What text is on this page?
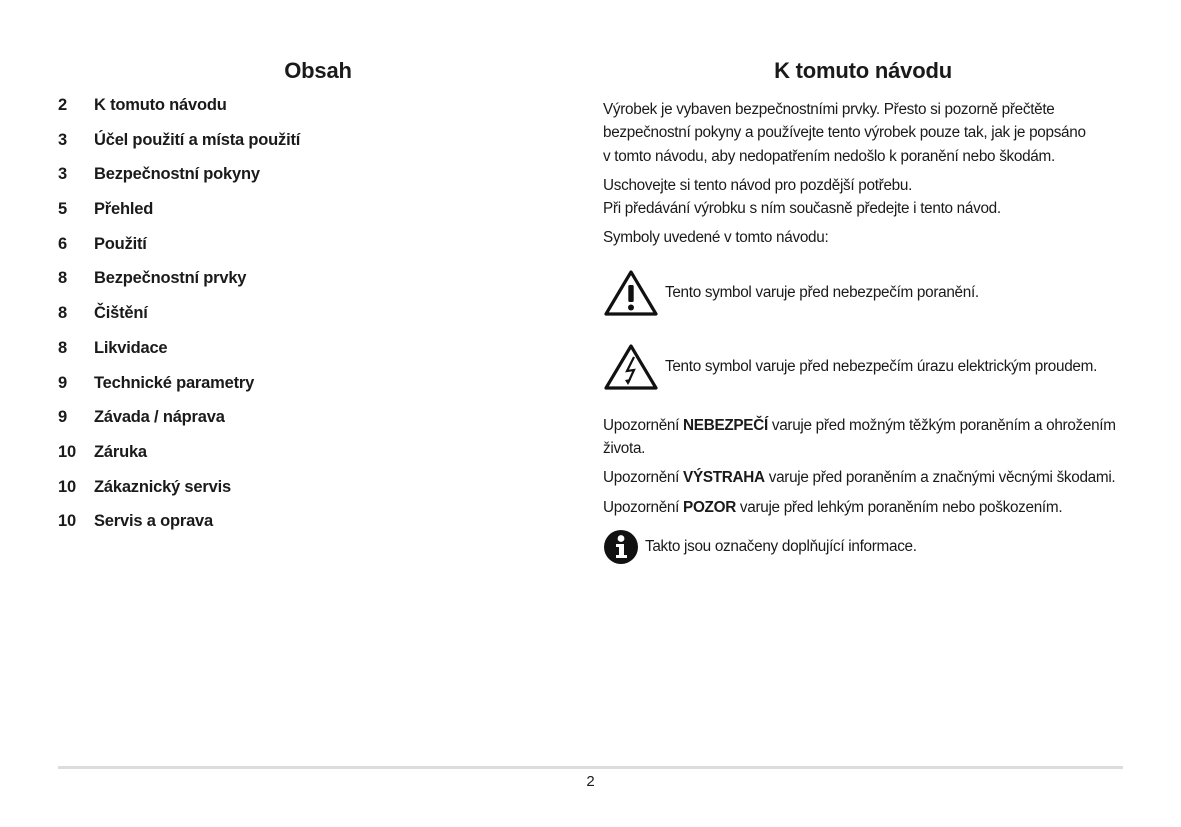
Obsah
2	K tomuto návodu
3	Účel použití a místa použití
3	Bezpečnostní pokyny
5	Přehled
6	Použití
8	Bezpečnostní prvky
8	Čištění
8	Likvidace
9	Technické parametry
9	Závada / náprava
10	Záruka
10	Zákaznický servis
10	Servis a oprava
K tomuto návodu

Výrobek je vybaven bezpečnostními prvky. Přesto si pozorně přečtěte
bezpečnostní pokyny a používejte tento výrobek pouze tak, jak je popsáno
v tomto návodu, aby nedopatřením nedošlo k poranění nebo škodám.

Uschovejte si tento návod pro pozdější potřebu.
Při předávání výrobku s ním současně předejte i tento návod.

Symboly uvedené v tomto návodu:

Tento symbol varuje před nebezpečím poranění.
Tento symbol varuje před nebezpečím úrazu elektrickým proudem.

Upozornění NEBEZPEČÍ varuje před možným těžkým poraněním a ohrožením
života.

Upozornění VÝSTRAHA varuje před poraněním a značnými věcnými škodami.

Upozornění POZOR varuje před lehkým poraněním nebo poškozením.

Takto jsou označeny doplňující informace.
2
